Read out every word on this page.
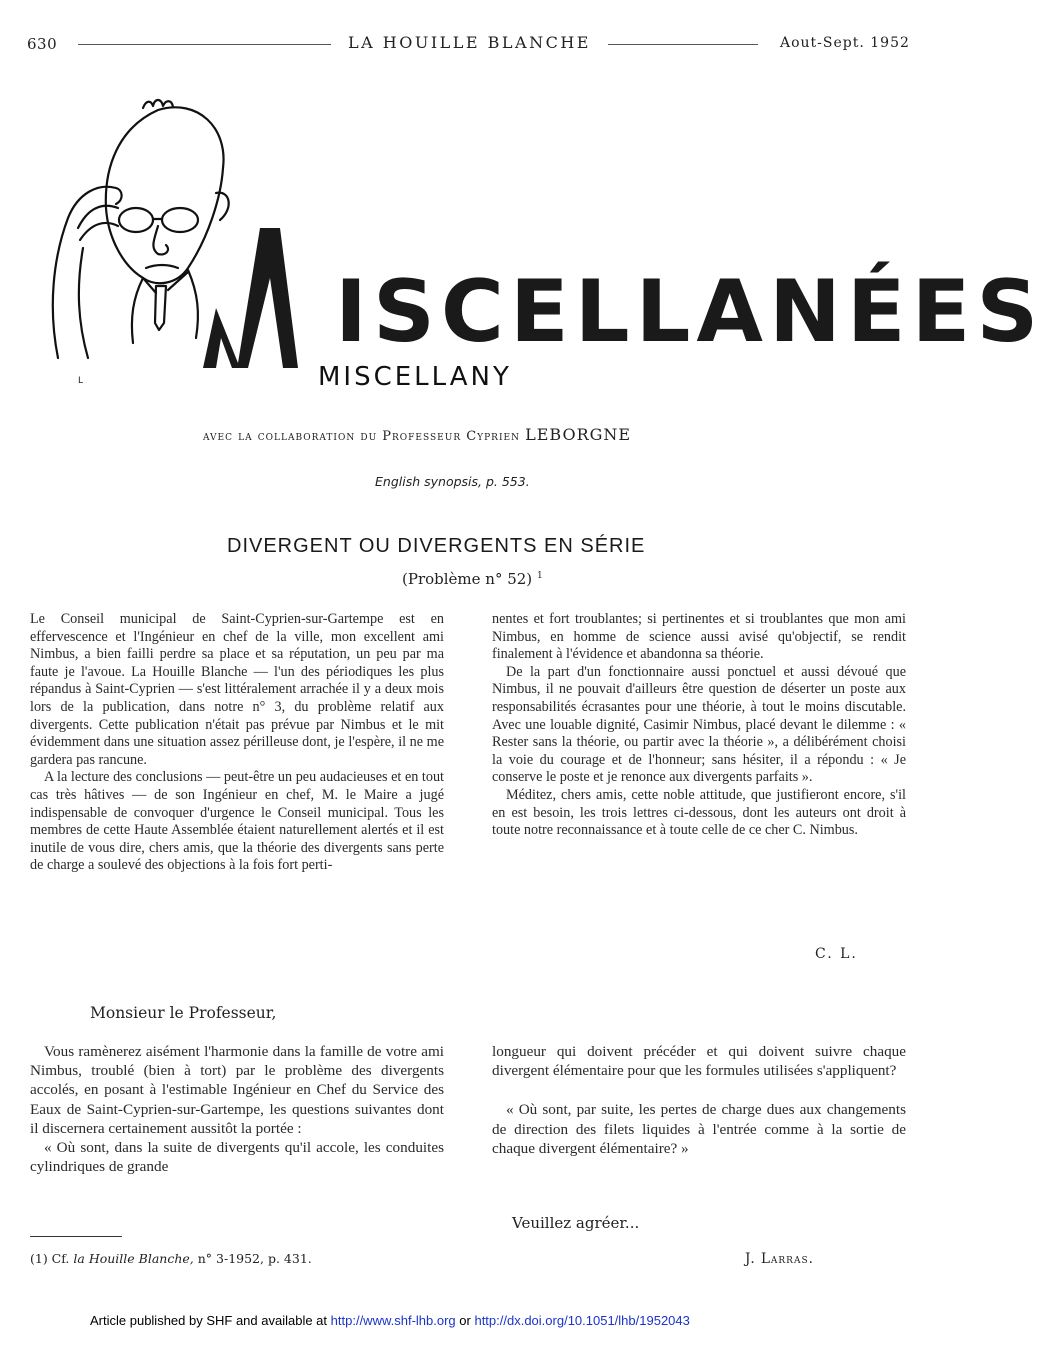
630	LA HOUILLE BLANCHE	Aout-Sept. 1952
L
ISCELLANÉES
MISCELLANY
avec la collaboration du Professeur Cyprien LEBORGNE
English synopsis, p. 553.
DIVERGENT OU DIVERGENTS EN SÉRIE
(Problème n° 52) $^1$

Le Conseil municipal de Saint-Cyprien-sur-Gartempe est en effervescence et l'Ingénieur en chef de la ville, mon excellent ami Nimbus, a bien failli perdre sa place et sa réputation, un peu par ma faute je l'avoue. La Houille Blanche — l'un des périodiques les plus répandus à Saint-Cyprien — s'est littéralement arrachée il y a deux mois lors de la publication, dans notre n° 3, du problème relatif aux divergents. Cette publication n'était pas prévue par Nimbus et le mit évidemment dans une situation assez périlleuse dont, je l'espère, il ne me gardera pas rancune.

A la lecture des conclusions — peut-être un peu audacieuses et en tout cas très hâtives — de son Ingénieur en chef, M. le Maire a jugé indispensable de convoquer d'urgence le Conseil municipal. Tous les membres de cette Haute Assemblée étaient naturellement alertés et il est inutile de vous dire, chers amis, que la théorie des divergents sans perte de charge a soulevé des objections à la fois fort perti-

nentes et fort troublantes; si pertinentes et si troublantes que mon ami Nimbus, en homme de science aussi avisé qu'objectif, se rendit finalement à l'évidence et abandonna sa théorie.

De la part d'un fonctionnaire aussi ponctuel et aussi dévoué que Nimbus, il ne pouvait d'ailleurs être question de déserter un poste aux responsabilités écrasantes pour une théorie, à tout le moins discutable. Avec une louable dignité, Casimir Nimbus, placé devant le dilemme : « Rester sans la théorie, ou partir avec la théorie », a délibérément choisi la voie du courage et de l'honneur; sans hésiter, il a répondu : « Je conserve le poste et je renonce aux divergents parfaits ».

Méditez, chers amis, cette noble attitude, que justifieront encore, s'il en est besoin, les trois lettres ci-dessous, dont les auteurs ont droit à toute notre reconnaissance et à toute celle de ce cher C. Nimbus.

C. L.
Monsieur le Professeur,

Vous ramènerez aisément l'harmonie dans la famille de votre ami Nimbus, troublé (bien à tort) par le problème des divergents accolés, en posant à l'estimable Ingénieur en Chef du Service des Eaux de Saint-Cyprien-sur-Gartempe, les questions suivantes dont il discernera certainement aussitôt la portée :

« Où sont, dans la suite de divergents qu'il accole, les conduites cylindriques de grande

longueur qui doivent précéder et qui doivent suivre chaque divergent élémentaire pour que les formules utilisées s'appliquent?

« Où sont, par suite, les pertes de charge dues aux changements de direction des filets liquides à l'entrée comme à la sortie de chaque divergent élémentaire? »

Veuillez agréer...
J. Larras.
(1) Cf. la Houille Blanche, n° 3-1952, p. 431.
Article published by SHF and available at http://www.shf-lhb.org or http://dx.doi.org/10.1051/lhb/1952043
